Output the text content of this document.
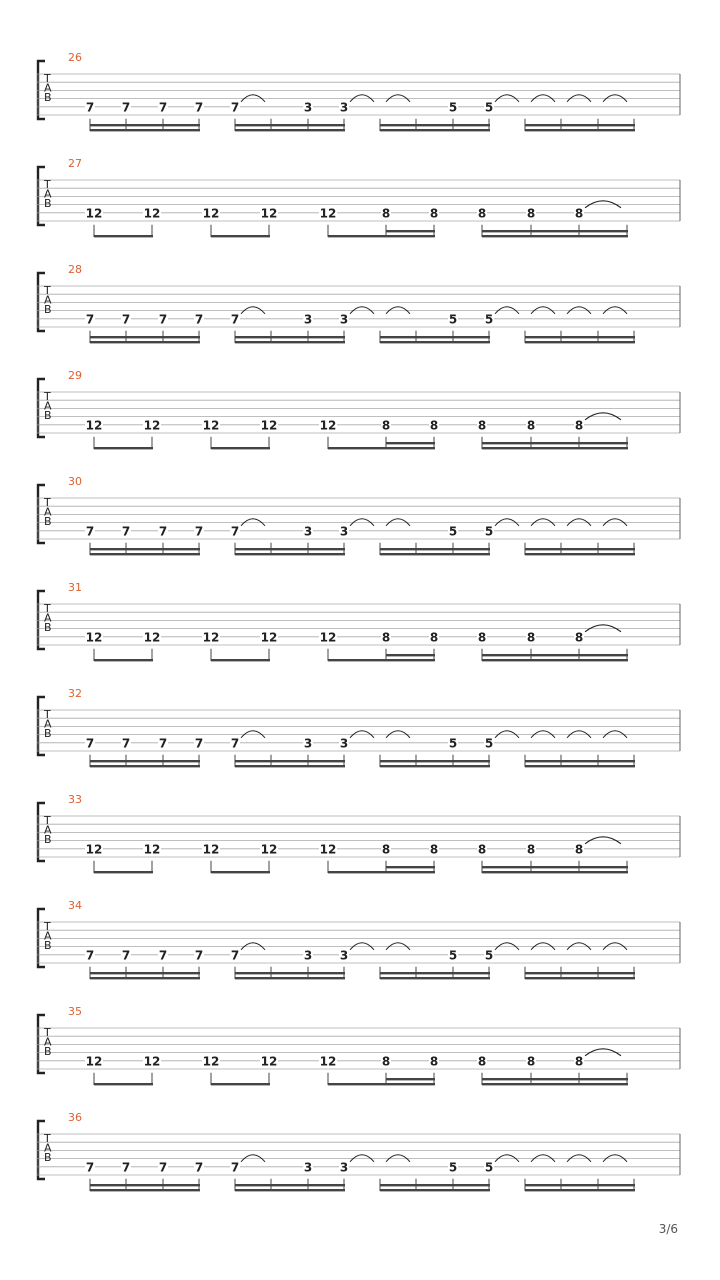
26
T
A
B
7 7 7 7 7	3 3	5 5
27
T
A
B
12	12	12	12	12	8	8	8	8	8
28
T
A
B
7 7 7 7 7	3 3	5 5
29
T
A
B
12	12	12	12	12	8	8	8	8	8
30
T
A
B
7 7 7 7 7	3 3	5 5
31
T
A
B
12	12	12	12	12	8	8	8	8	8
32
T
A
B
7 7 7 7 7	3 3	5 5
33
T
A
B
12	12	12	12	12	8	8	8	8	8
34
T
A
B
7 7 7 7 7	3 3	5 5
35
T
A
B
12	12	12	12	12	8	8	8	8	8
36
T
A
B
7 7 7 7 7	3 3	5 5
3/6
